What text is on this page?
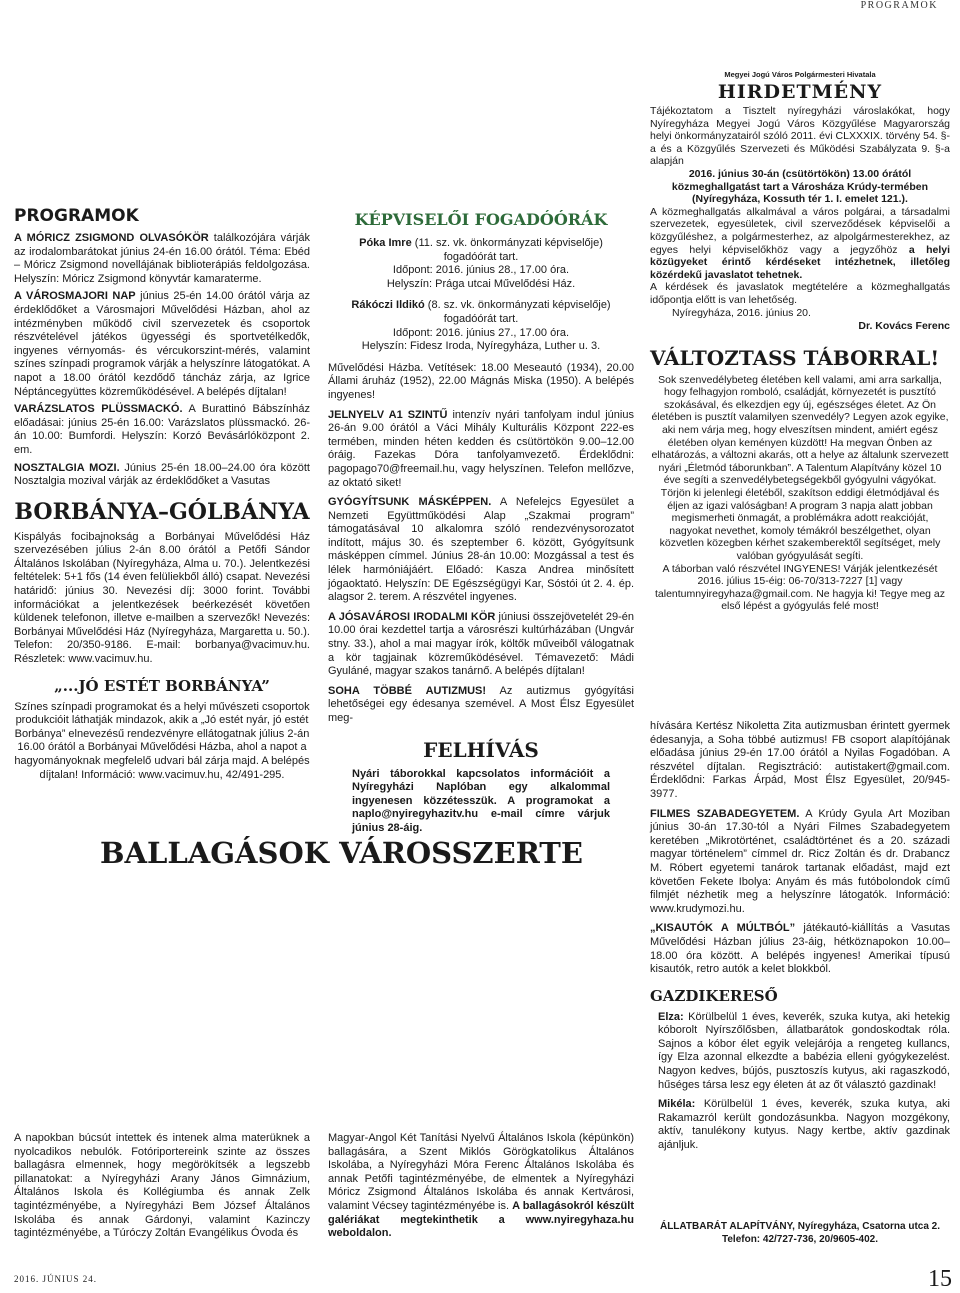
PROGRAMOK
PROGRAMOK

A MÓRICZ ZSIGMOND OLVASÓKÖR találkozójára várják az irodalombarátokat június 24-én 16.00 órától. Téma: Ebéd – Móricz Zsigmond novellájának biblioterápiás feldolgozása. Helyszín: Móricz Zsigmond könyvtár kamaraterme.

A VÁROSMAJORI NAP június 25-én 14.00 órától várja az érdeklődőket a Városmajori Művelődési Házban, ahol az intézményben működő civil szervezetek és csoportok részvételével játékos ügyességi és sportvetélkedők, ingyenes vérnyomás- és vércukorszint-mérés, valamint színes színpadi programok várják a helyszínre látogatókat. A napot a 18.00 órától kezdődő táncház zárja, az Igrice Néptáncegyüttes közreműködésével. A belépés díjtalan!

VARÁZSLATOS PLÜSSMACKÓ. A Burattinó Bábszínház előadásai: június 25-én 16.00: Varázslatos plüssmackó. 26-án 10.00: Bumfordi. Helyszín: Korzó Bevásárlóközpont 2. em.

NOSZTALGIA MOZI. Június 25-én 18.00–24.00 óra között Nosztalgia mozival várják az érdeklődőket a Vasutas

BORBÁNYA–GÓLBÁNYA

Kispályás focibajnokság a Borbányai Művelődési Ház szervezésében július 2-án 8.00 órától a Petőfi Sándor Általános Iskolában (Nyíregyháza, Alma u. 70.). Jelentkezési feltételek: 5+1 fős (14 éven felüliekből álló) csapat. Nevezési határidő: június 30. Nevezési díj: 3000 forint. További információkat a jelentkezések beérkezését követően küldenek telefonon, illetve e-mailben a szervezők! Nevezés: Borbányai Művelődési Ház (Nyíregyháza, Margaretta u. 50.). Telefon: 20/350-9186. E-mail: borbanya@vacimuv.hu. Részletek: www.vacimuv.hu.

„...JÓ ESTÉT BORBÁNYA”

Színes színpadi programokat és a helyi művészeti csoportok produkcióit láthatják mindazok, akik a „Jó estét nyár, jó estét Borbánya” elnevezésű rendezvényre ellátogatnak július 2-án 16.00 órától a Borbányai Művelődési Házba, ahol a napot a hagyományoknak megfelelő udvari bál zárja majd. A belépés díjtalan! Információ: www.vacimuv.hu, 42/491-295.

KÉPVISELŐI FOGADÓÓRÁK
Póka Imre (11. sz. vk. önkormányzati képviselője)
fogadóórát tart.
Időpont: 2016. június 28., 17.00 óra.
Helyszín: Prága utcai Művelődési Ház.
Rákóczi Ildikó (8. sz. vk. önkormányzati képviselője)
fogadóórát tart.
Időpont: 2016. június 27., 17.00 óra.
Helyszín: Fidesz Iroda, Nyíregyháza, Luther u. 3.

Művelődési Házba. Vetítések: 18.00 Meseautó (1934), 20.00 Állami áruház (1952), 22.00 Mágnás Miska (1950). A belépés ingyenes!

JELNYELV A1 SZINTŰ intenzív nyári tanfolyam indul június 26-án 9.00 órától a Váci Mihály Kulturális Központ 222-es termében, minden héten kedden és csütörtökön 9.00–12.00 óráig. Fazekas Dóra tanfolyamvezető. Érdeklődni: pagopago70@freemail.hu, vagy helyszínen. Telefon mellőzve, az oktató siket!

GYÓGYÍTSUNK MÁSKÉPPEN. A Nefelejcs Egyesület a Nemzeti Együttműködési Alap „Szakmai program” támogatásával 10 alkalomra szóló rendezvénysorozatot indított, május 30. és szeptember 6. között, Gyógyítsunk másképpen címmel. Június 28-án 10.00: Mozgással a test és lélek harmóniájáért. Előadó: Kasza Andrea minősített jógaoktató. Helyszín: DE Egészségügyi Kar, Sóstói út 2. 4. ép. alagsor 2. terem. A részvétel ingyenes.

A JÓSAVÁROSI IRODALMI KÖR júniusi összejövetelét 29-én 10.00 órai kezdettel tartja a városrészi kultúrházában (Ungvár stny. 33.), ahol a mai magyar írók, költők műveiből válogatnak a kör tagjainak közreműködésével. Témavezető: Mádi Gyuláné, magyar szakos tanárnő. A belépés díjtalan!

SOHA TÖBBÉ AUTIZMUS! Az autizmus gyógyítási lehetőségei egy édesanya szemével. A Most Élsz Egyesület meg-

FELHÍVÁS

Nyári táborokkal kapcsolatos információit a Nyíregyházi Naplóban egy alkalommal ingyenesen közzétesszük. A programokat a naplo@nyiregyhazitv.hu e-mail címre várjuk június 28-áig.

Megyei Jogú Város Polgármesteri Hivatala
HIRDETMÉNY

Tájékoztatom a Tisztelt nyíregyházi városlakókat, hogy Nyíregyháza Megyei Jogú Város Közgyűlése Magyarország helyi önkormányzatairól szóló 2011. évi CLXXXIX. törvény 54. §-a és a Közgyűlés Szervezeti és Működési Szabályzata 9. §-a alapján

2016. június 30-án (csütörtökön) 13.00 órától
közmeghallgatást tart a Városháza Krúdy-termében
(Nyíregyháza, Kossuth tér 1. I. emelet 121.).

A közmeghallgatás alkalmával a város polgárai, a társadalmi szervezetek, egyesületek, civil szerveződések képviselői a közgyűléshez, a polgármesterhez, az alpolgármesterekhez, az egyes helyi képviselőkhöz vagy a jegyzőhöz a helyi közügyeket érintő kérdéseket intézhetnek, illetőleg közérdekű javaslatot tehetnek.

A kérdések és javaslatok megtételére a közmeghallgatás időpontja előtt is van lehetőség.

Nyíregyháza, 2016. június 20.
Dr. Kovács Ferenc
VÁLTOZTASS TÁBORRAL!

Sok szenvedélybeteg életében kell valami, ami arra sarkallja, hogy felhagyjon romboló, családját, környezetét is pusztító szokásával, és elkezdjen egy új, egészséges életet. Az Ön életében is pusztít valamilyen szenvedély? Legyen azok egyike, aki nem várja meg, hogy elveszítsen mindent, amiért egész életében olyan keményen küzdött! Ha megvan Önben az elhatározás, a változni akarás, ott a helye az általunk szervezett nyári „Életmód táborunkban”. A Talentum Alapítvány közel 10 éve segíti a szenvedélybetegségekből gyógyulni vágyókat. Törjön ki jelenlegi életéből, szakítson eddigi életmódjával és éljen az igazi valóságban! A program 3 napja alatt jobban megismerheti önmagát, a problémákra adott reakcióját, nagyokat nevethet, komoly témákról beszélgethet, olyan közvetlen közegben kérhet szakemberektől segítséget, mely valóban gyógyulását segíti.

A táborban való részvétel INGYENES! Várják jelentkezését 2016. július 15-éig: 06-70/313-7227 [1] vagy talentumnyiregyhaza@gmail.com. Ne hagyja ki! Tegye meg az első lépést a gyógyulás felé most!

hívására Kertész Nikoletta Zita autizmusban érintett gyermek édesanyja, a Soha többé autizmus! FB csoport alapítójának előadása június 29-én 17.00 órától a Nyilas Fogadóban. A részvétel díjtalan. Regisztráció: autistakert@gmail.com. Érdeklődni: Farkas Árpád, Most Élsz Egyesület, 20/945-3977.

FILMES SZABADEGYETEM. A Krúdy Gyula Art Moziban június 30-án 17.30-tól a Nyári Filmes Szabadegyetem keretében „Mikrotörténet, családtörténet és a 20. századi magyar történelem” címmel dr. Ricz Zoltán és dr. Drabancz M. Róbert egyetemi tanárok tartanak előadást, majd ezt követően Fekete Ibolya: Anyám és más futóbolondok című filmjét nézhetik meg a helyszínre látogatók. Információ: www.krudymozi.hu.

„KISAUTÓK A MÚLTBÓL” játékautó-kiállítás a Vasutas Művelődési Házban július 23-áig, hétköznapokon 10.00–18.00 óra között. A belépés ingyenes! Amerikai típusú kisautók, retro autók a kelet blokkból.

GAZDIKERESŐ

Elza: Körülbelül 1 éves, keverék, szuka kutya, aki hetekig kóborolt Nyírszőlősben, állatbarátok gondoskodtak róla. Sajnos a kóbor élet egyik velejárója a rengeteg kullancs, így Elza azonnal elkezdte a babézia elleni gyógykezelést. Nagyon kedves, bújós, pusztoszís kutyus, aki ragaszkodó, hűséges társa lesz egy életen át az őt választó gazdinak!

Mikéla: Körülbelül 1 éves, keverék, szuka kutya, aki Rakamazról került gondozásunkba. Nagyon mozgékony, aktív, tanulékony kutyus. Nagy kertbe, aktív gazdinak ajánljuk.

ÁLLATBARÁT ALAPÍTVÁNY, Nyíregyháza, Csatorna utca 2.
Telefon: 42/727-736, 20/9605-402.
BALLAGÁSOK VÁROSSZERTE

A napokban búcsút intettek és intenek alma materüknek a nyolcadikos nebulók. Fotóriportereink szinte az összes ballagásra elmennek, hogy megörökítsék a legszebb pillanatokat: a Nyíregyházi Arany János Gimnázium, Általános Iskola és Kollégiumba és annak Zelk tagintézményébe, a Nyíregyházi Bem József Általános Iskolába és annak Gárdonyi, valamint Kazinczy tagintézményébe, a Túróczy Zoltán Evangélikus Óvoda és

Magyar-Angol Két Tanítási Nyelvű Általános Iskola (képünkön) ballagására, a Szent Miklós Görögkatolikus Általános Iskolába, a Nyíregyházi Móra Ferenc Általános Iskolába és annak Petőfi tagintézményébe, de elmentek a Nyíregyházi Móricz Zsigmond Általános Iskolába és annak Kertvárosi, valamint Vécsey tagintézményébe is. A ballagásokról készült galériákat megtekinthetik a www.nyiregyhaza.hu weboldalon.

2016. JÚNIUS 24.	15
